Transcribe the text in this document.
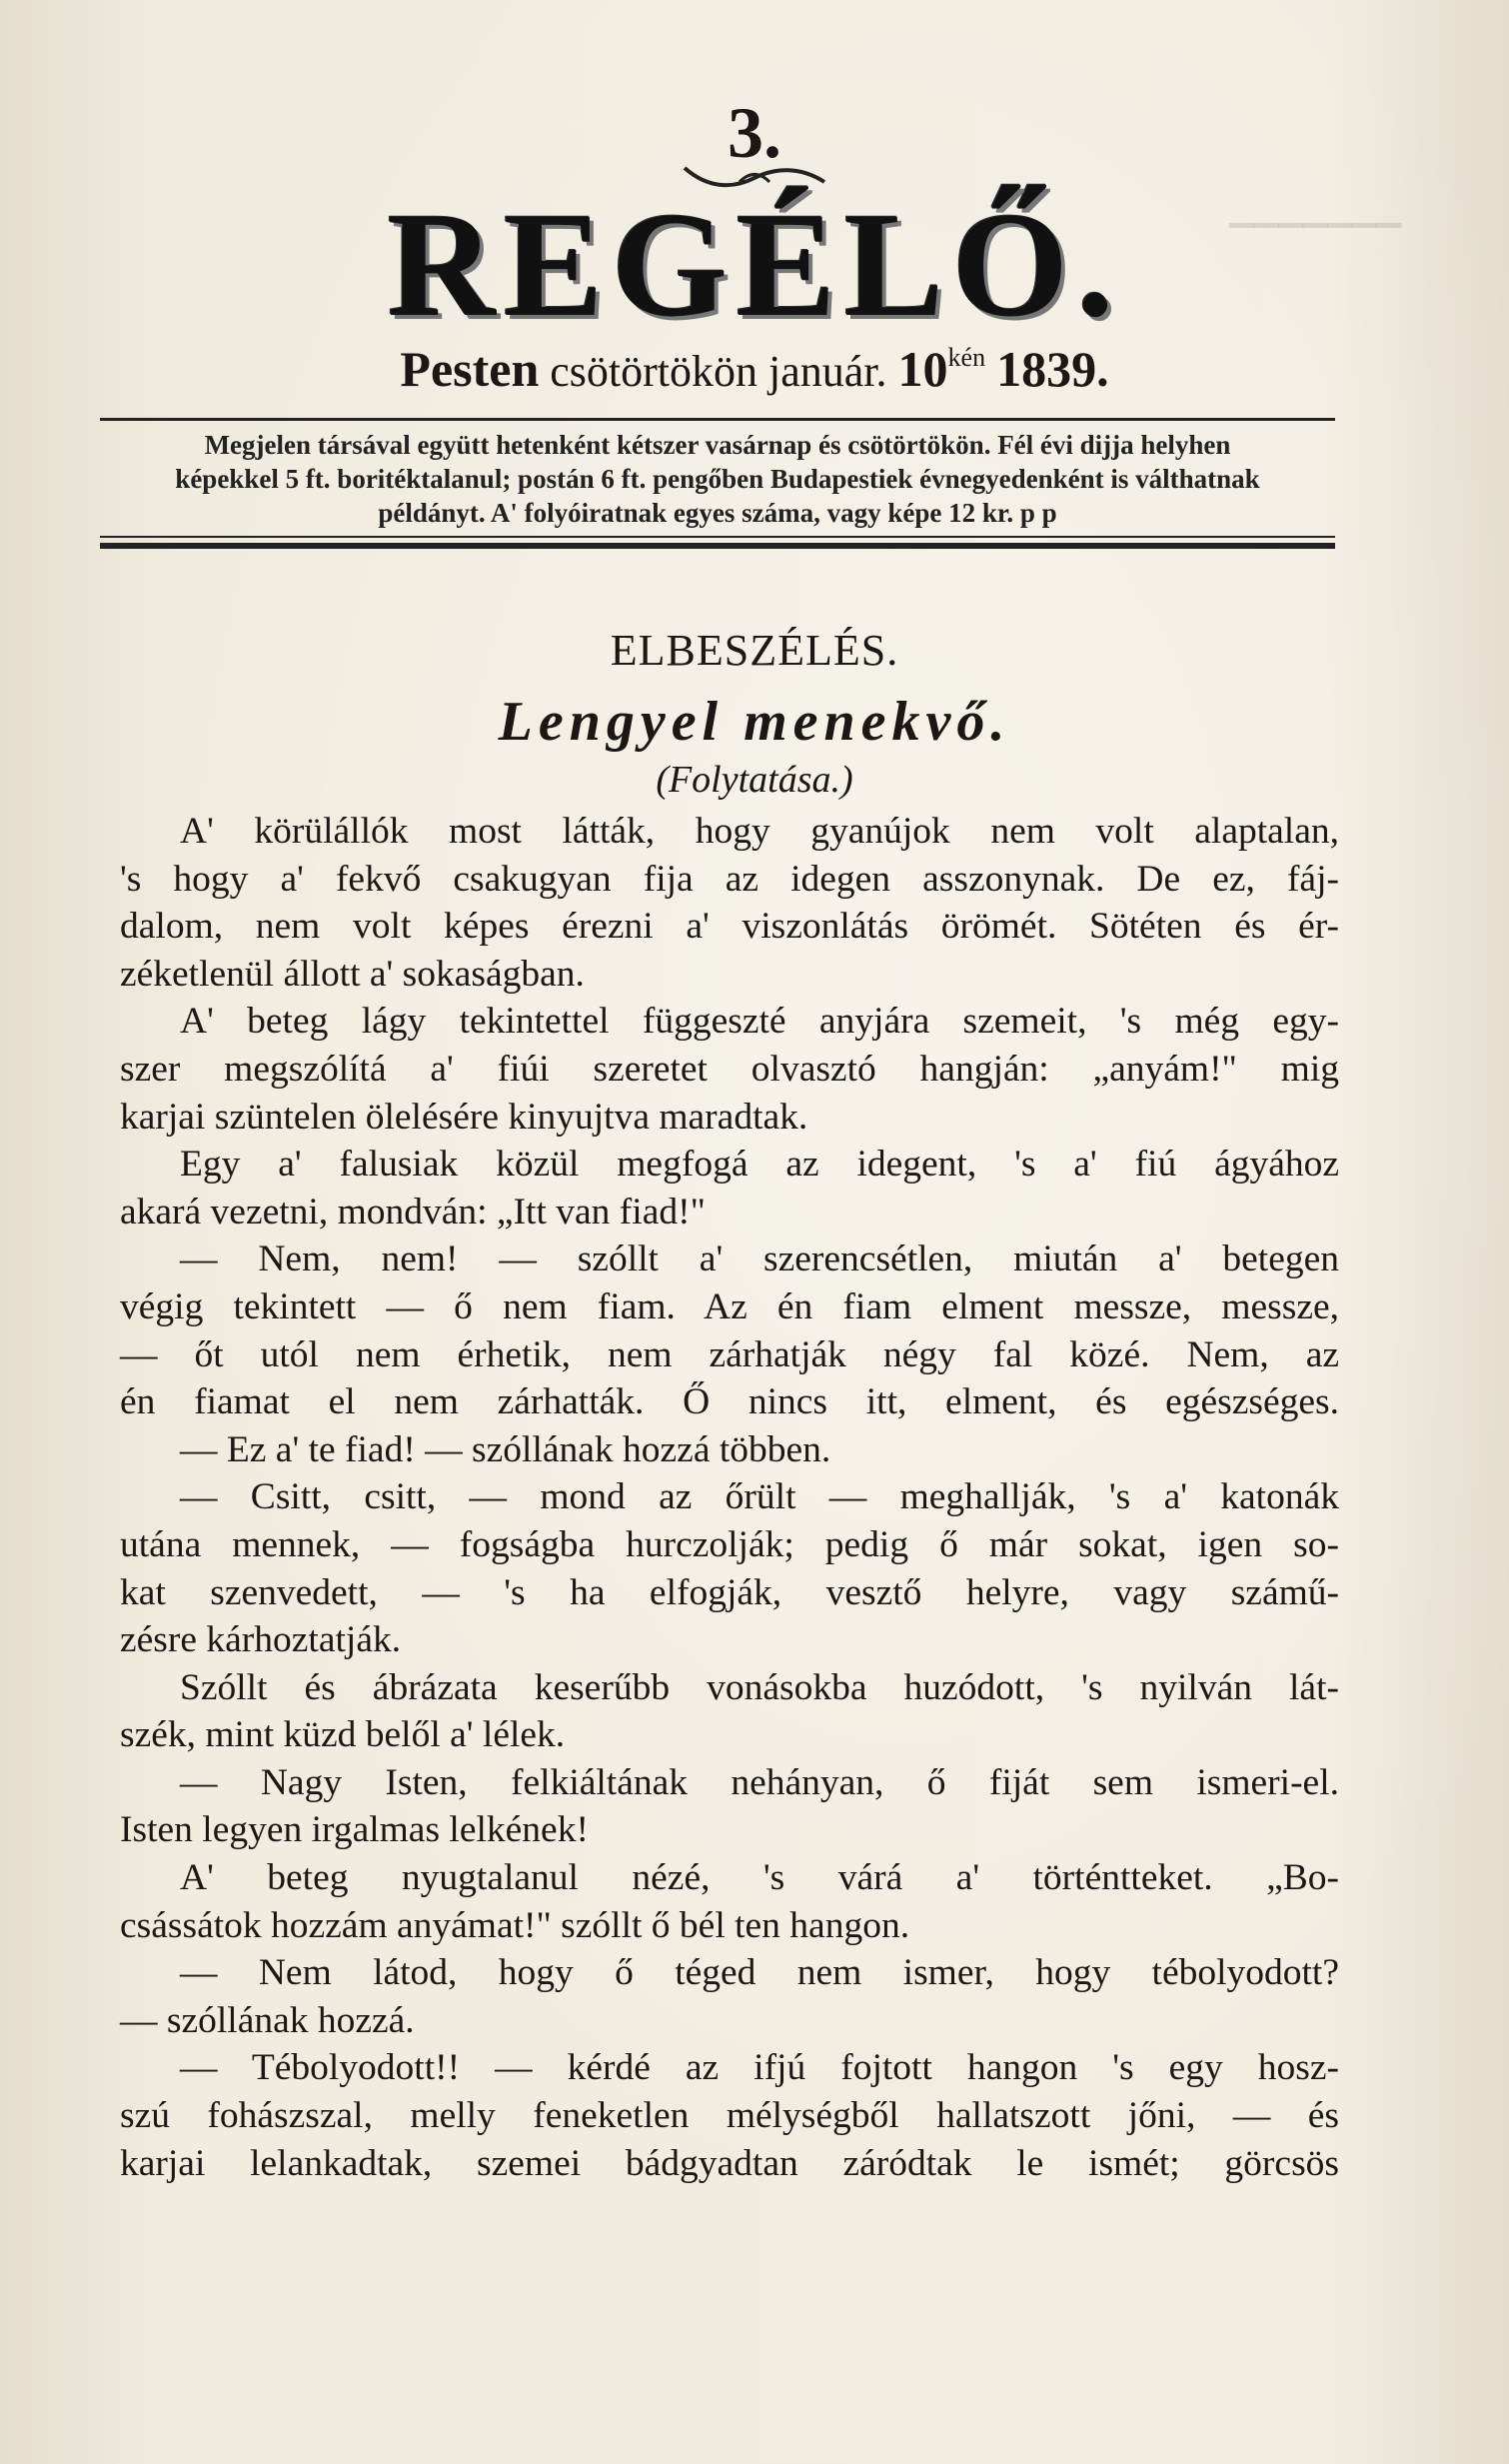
▁▁▁▁▁▁▁
3.
REGÉLŐ.
Pesten csötörtökön január. $10^{kén}$ 1839.
Megjelen társával együtt hetenként kétszer vasárnap és csötörtökön. Fél évi dijja helyhen
képekkel 5 ft. boritéktalanul; postán 6 ft. pengőben Budapestiek évnegyedenként is válthatnak
példányt. A' folyóiratnak egyes száma, vagy képe 12 kr. p p
ELBESZÉLÉS.
Lengyel menekvő.
(Folytatása.)
A' körülállók most látták, hogy gyanújok nem volt alaptalan,
's hogy a' fekvő csakugyan fija az idegen asszonynak. De ez, fáj-
dalom, nem volt képes érezni a' viszonlátás örömét. Sötéten és ér-
zéketlenül állott a' sokaságban.
A' beteg lágy tekintettel függeszté anyjára szemeit, 's még egy-
szer megszólítá a' fiúi szeretet olvasztó hangján: „anyám!" mig
karjai szüntelen ölelésére kinyujtva maradtak.
Egy a' falusiak közül megfogá az idegent, 's a' fiú ágyához
akará vezetni, mondván: „Itt van fiad!"
— Nem, nem! — szóllt a' szerencsétlen, miután a' betegen
végig tekintett — ő nem fiam. Az én fiam elment messze, messze,
— őt utól nem érhetik, nem zárhatják négy fal közé. Nem, az
én fiamat el nem zárhatták. Ő nincs itt, elment, és egészséges.
— Ez a' te fiad! — szóllának hozzá többen.
— Csitt, csitt, — mond az őrült — meghallják, 's a' katonák
utána mennek, — fogságba hurczolják; pedig ő már sokat, igen so-
kat szenvedett, — 's ha elfogják, vesztő helyre, vagy számű-
zésre kárhoztatják.
Szóllt és ábrázata keserűbb vonásokba huzódott, 's nyilván lát-
szék, mint küzd belől a' lélek.
— Nagy Isten, felkiáltának nehányan, ő fiját sem ismeri-el.
Isten legyen irgalmas lelkének!
A' beteg nyugtalanul nézé, 's várá a' történtteket. „Bo-
csássátok hozzám anyámat!" szóllt ő bél ten hangon.
— Nem látod, hogy ő téged nem ismer, hogy tébolyodott?
— szóllának hozzá.
— Tébolyodott!! — kérdé az ifjú fojtott hangon 's egy hosz-
szú fohászszal, melly feneketlen mélységből hallatszott jőni, — és
karjai lelankadtak, szemei bádgyadtan záródtak le ismét; görcsös
